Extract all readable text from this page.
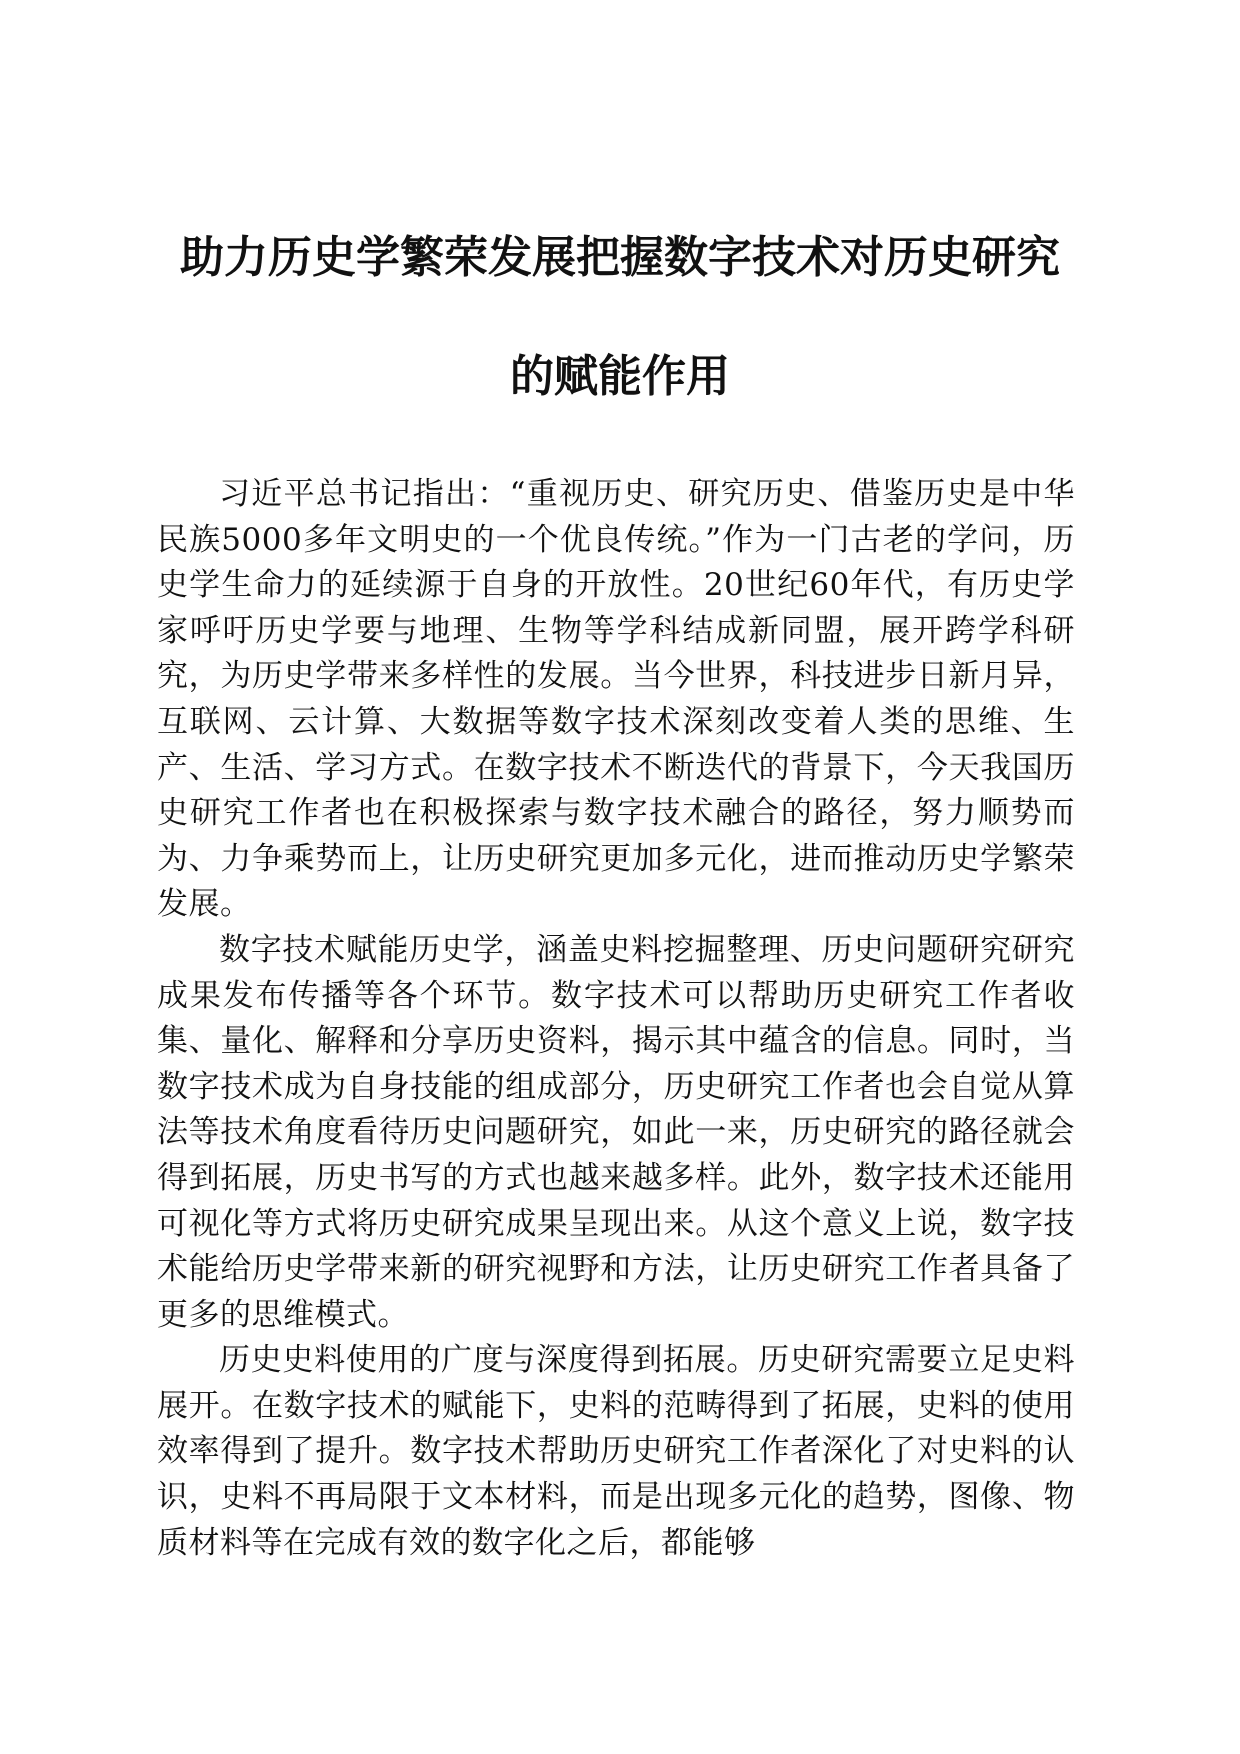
助力历史学繁荣发展把握数字技术对历史研究
的赋能作用

习近平总书记指出：“重视历史、研究历史、借鉴历史是中华民族5000多年文明史的一个优良传统。”作为一门古老的学问，历史学生命力的延续源于自身的开放性。20世纪60年代，有历史学家呼吁历史学要与地理、生物等学科结成新同盟，展开跨学科研究，为历史学带来多样性的发展。当今世界，科技进步日新月异，互联网、云计算、大数据等数字技术深刻改变着人类的思维、生产、生活、学习方式。在数字技术不断迭代的背景下，今天我国历史研究工作者也在积极探索与数字技术融合的路径，努力顺势而为、力争乘势而上，让历史研究更加多元化，进而推动历史学繁荣发展。

数字技术赋能历史学，涵盖史料挖掘整理、历史问题研究研究成果发布传播等各个环节。数字技术可以帮助历史研究工作者收集、量化、解释和分享历史资料，揭示其中蕴含的信息。同时，当数字技术成为自身技能的组成部分，历史研究工作者也会自觉从算法等技术角度看待历史问题研究，如此一来，历史研究的路径就会得到拓展，历史书写的方式也越来越多样。此外，数字技术还能用可视化等方式将历史研究成果呈现出来。从这个意义上说，数字技术能给历史学带来新的研究视野和方法，让历史研究工作者具备了更多的思维模式。

历史史料使用的广度与深度得到拓展。历史研究需要立足史料展开。在数字技术的赋能下，史料的范畴得到了拓展，史料的使用效率得到了提升。数字技术帮助历史研究工作者深化了对史料的认识，史料不再局限于文本材料，而是出现多元化的趋势，图像、物质材料等在完成有效的数字化之后，都能够
